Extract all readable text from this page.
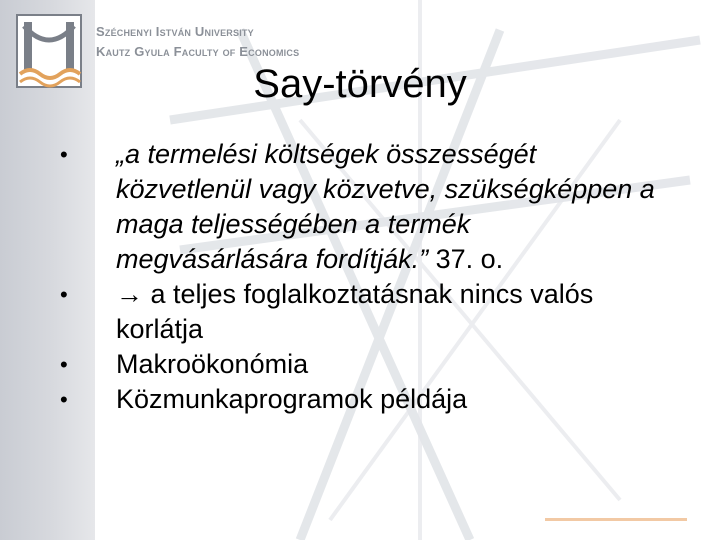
Széchenyi István University
Kautz Gyula Faculty of Economics
Say-törvény
•	„a termelési költségek összességét közvetlenül vagy közvetve, szükségképpen a maga teljességében a termék megvásárlására fordítják.” 37. o.
•	→ a teljes foglalkoztatásnak nincs valós korlátja
•	Makroökonómia
•	Közmunkaprogramok példája
